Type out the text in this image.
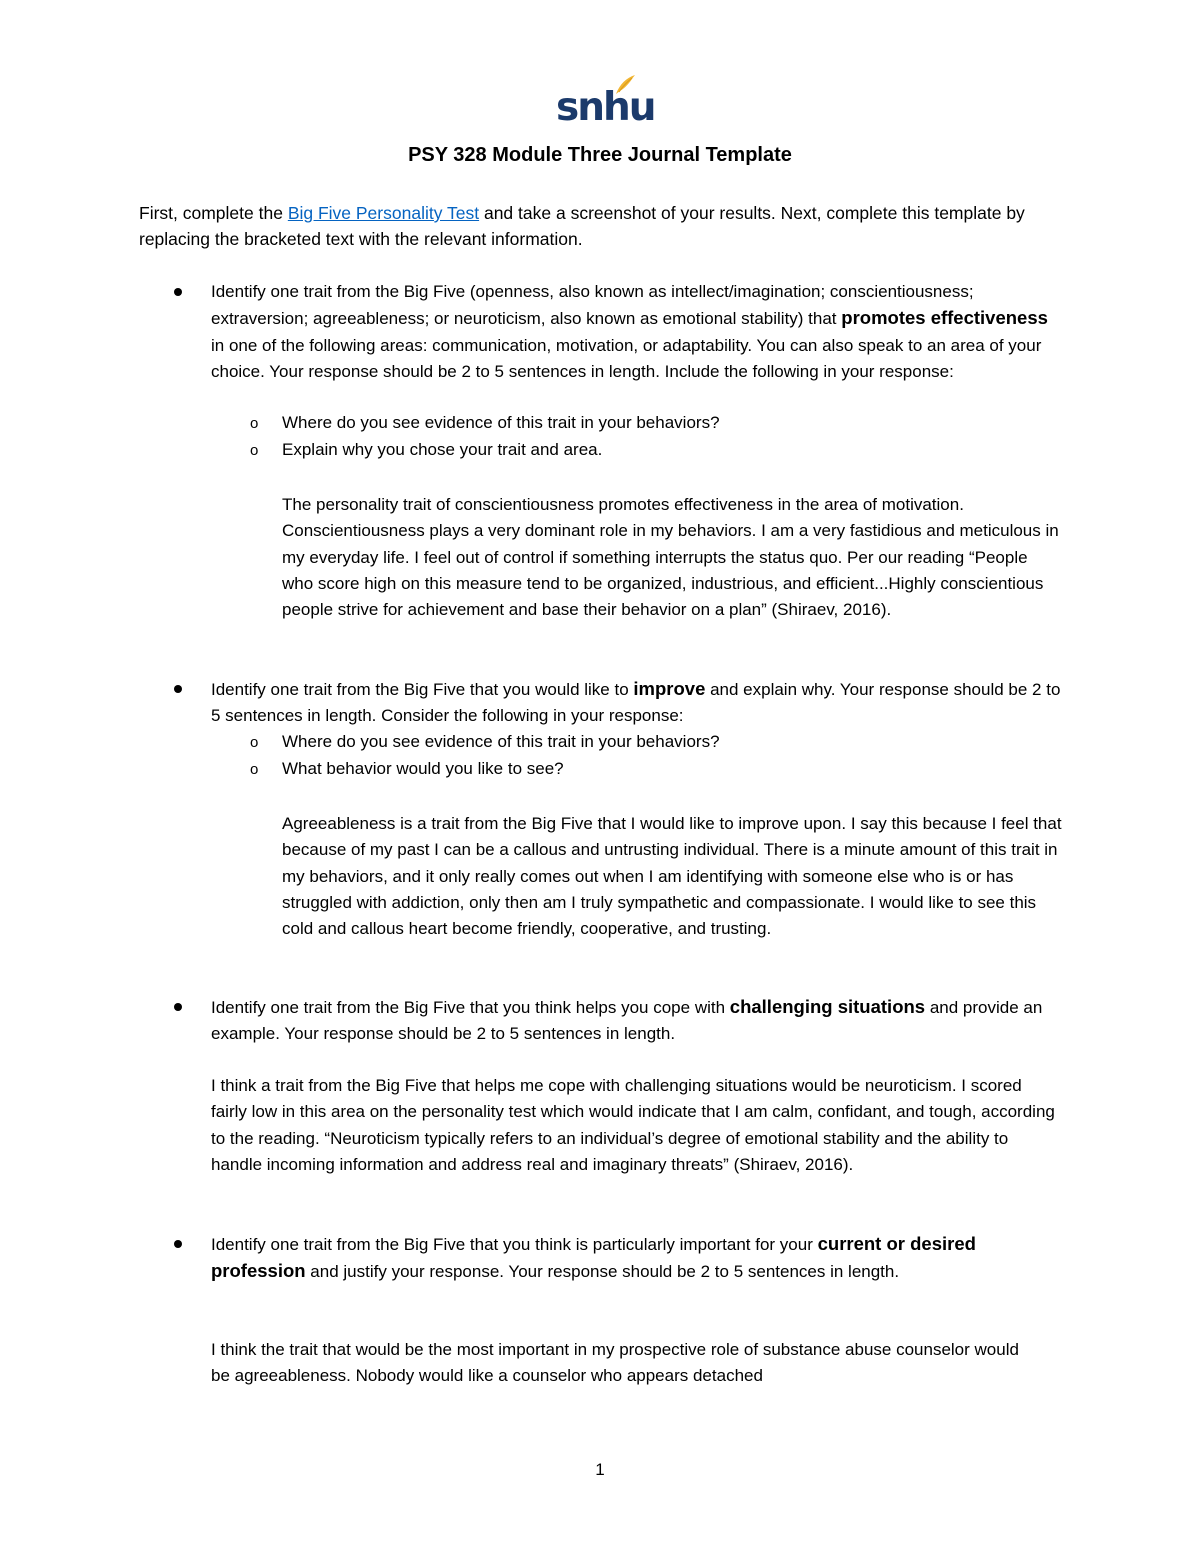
snhu
PSY 328 Module Three Journal Template

First, complete the Big Five Personality Test and take a screenshot of your results. Next, complete this template by replacing the bracketed text with the relevant information.

Identify one trait from the Big Five (openness, also known as intellect/imagination; conscientiousness; extraversion; agreeableness; or neuroticism, also known as emotional stability) that promotes effectiveness in one of the following areas: communication, motivation, or adaptability. You can also speak to an area of your choice. Your response should be 2 to 5 sentences in length. Include the following in your response:

o Where do you see evidence of this trait in your behaviors?

o Explain why you chose your trait and area.

The personality trait of conscientiousness promotes effectiveness in the area of motivation. Conscientiousness plays a very dominant role in my behaviors. I am a very fastidious and meticulous in my everyday life. I feel out of control if something interrupts the status quo. Per our reading “People who score high on this measure tend to be organized, industrious, and efficient...Highly conscientious people strive for achievement and base their behavior on a plan” (Shiraev, 2016).

Identify one trait from the Big Five that you would like to improve and explain why. Your response should be 2 to 5 sentences in length. Consider the following in your response:

o Where do you see evidence of this trait in your behaviors?

o What behavior would you like to see?

Agreeableness is a trait from the Big Five that I would like to improve upon. I say this because I feel that because of my past I can be a callous and untrusting individual. There is a minute amount of this trait in my behaviors, and it only really comes out when I am identifying with someone else who is or has struggled with addiction, only then am I truly sympathetic and compassionate. I would like to see this cold and callous heart become friendly, cooperative, and trusting.

Identify one trait from the Big Five that you think helps you cope with challenging situations and provide an example. Your response should be 2 to 5 sentences in length.

I think a trait from the Big Five that helps me cope with challenging situations would be neuroticism. I scored fairly low in this area on the personality test which would indicate that I am calm, confidant, and tough, according to the reading. “Neuroticism typically refers to an individual’s degree of emotional stability and the ability to handle incoming information and address real and imaginary threats” (Shiraev, 2016).

Identify one trait from the Big Five that you think is particularly important for your current or desired profession and justify your response. Your response should be 2 to 5 sentences in length.

I think the trait that would be the most important in my prospective role of substance abuse counselor would be agreeableness. Nobody would like a counselor who appears detached

1
